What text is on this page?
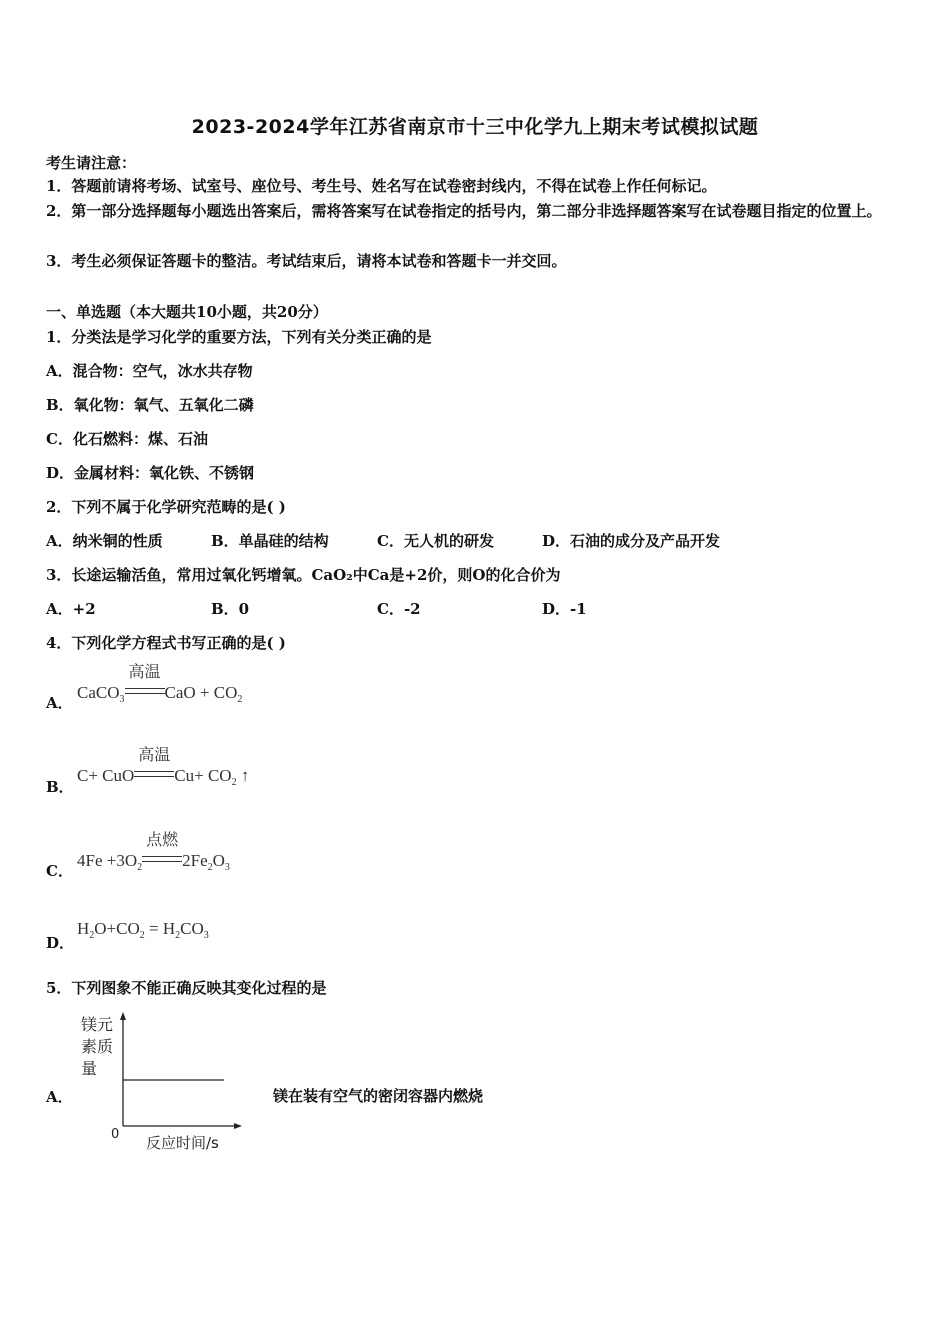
2023-2024学年江苏省南京市十三中化学九上期末考试模拟试题
考生请注意：
1．答题前请将考场、试室号、座位号、考生号、姓名写在试卷密封线内，不得在试卷上作任何标记。
2．第一部分选择题每小题选出答案后，需将答案写在试卷指定的括号内，第二部分非选择题答案写在试卷题目指定的位置上。
3．考生必须保证答题卡的整洁。考试结束后，请将本试卷和答题卡一并交回。
一、单选题（本大题共10小题，共20分）
1．分类法是学习化学的重要方法，下列有关分类正确的是
A．混合物：空气，冰水共存物
B．氧化物：氧气、五氧化二磷
C．化石燃料：煤、石油
D．金属材料：氧化铁、不锈钢
2．下列不属于化学研究范畴的是( )
A．纳米铜的性质	B．单晶硅的结构	C．无人机的研发	D．石油的成分及产品开发
3．长途运输活鱼，常用过氧化钙增氧。CaO₂中Ca是+2价，则O的化合价为
A．+2	B．0	C．-2	D．-1
4．下列化学方程式书写正确的是( )
A．
CaCO$_3$
高温
CaO + $CO_2$
B．
C+ CuO
高温
$Cu+ CO_2$ ↑
C．
$4Fe +3O_2$
点燃
$2Fe_2O_3$
D．
$H_2O+CO_2 = H_2CO_3$
5．下列图象不能正确反映其变化过程的是
A．
镁元
素质
量
0 反应时间/s
镁在装有空气的密闭容器内燃烧
